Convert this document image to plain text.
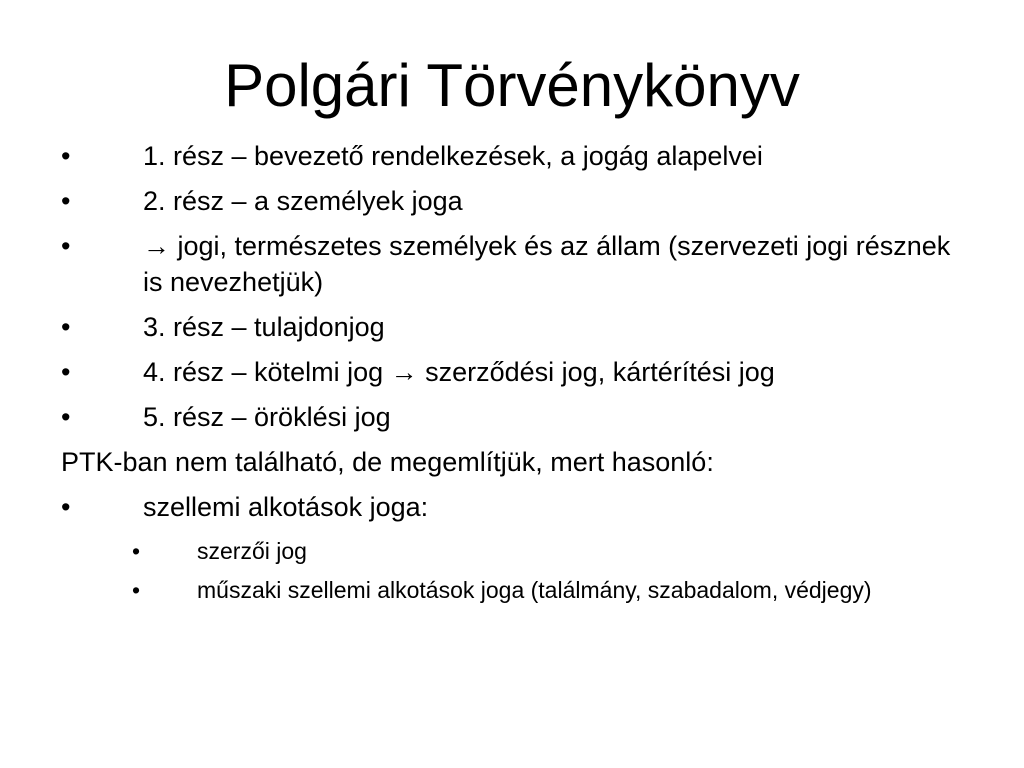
Polgári Törvénykönyv
•	1. rész – bevezető rendelkezések, a jogág alapelvei
•	2. rész – a személyek joga
•	→ jogi, természetes személyek és az állam (szervezeti jogi résznek is nevezhetjük)
•	3. rész – tulajdonjog
•	4. rész – kötelmi jog → szerződési jog, kártérítési jog
•	5. rész – öröklési jog
PTK-ban nem található, de megemlítjük, mert hasonló:
•	szellemi alkotások joga:
• szerzői jog
• műszaki szellemi alkotások joga (találmány, szabadalom, védjegy)
